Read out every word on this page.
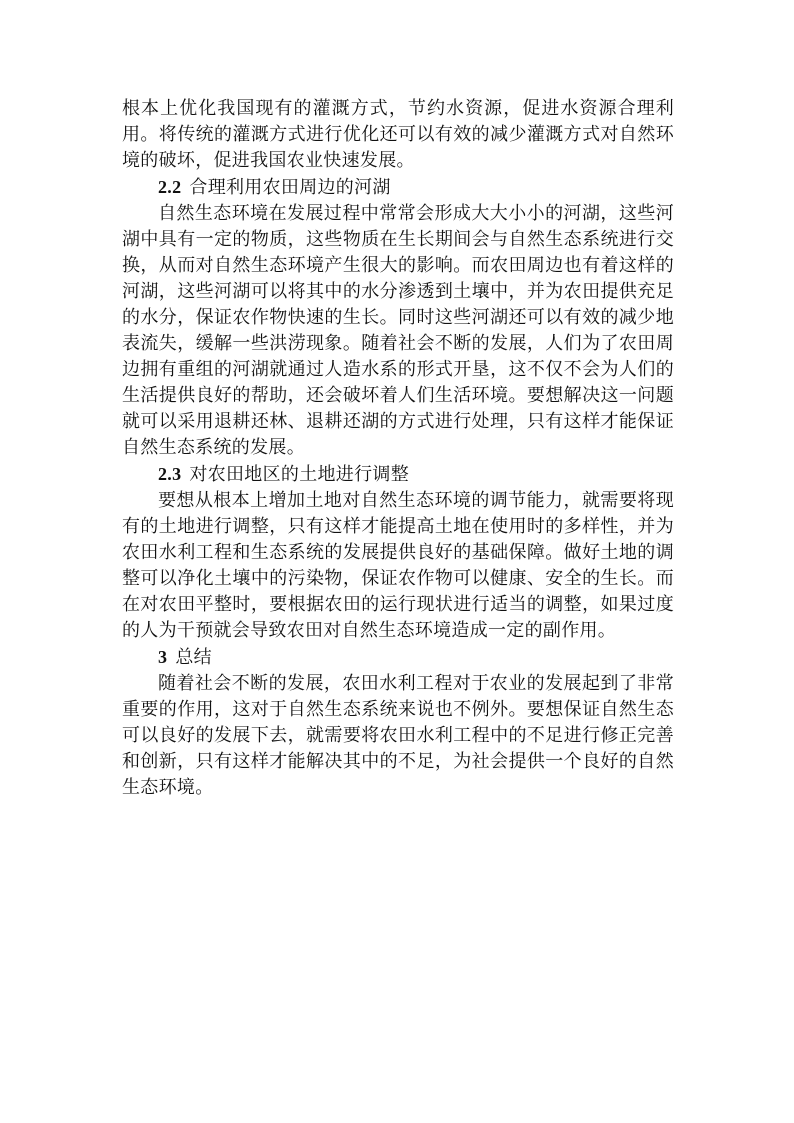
根本上优化我国现有的灌溉方式，节约水资源，促进水资源合理利用。将传统的灌溉方式进行优化还可以有效的减少灌溉方式对自然环境的破坏，促进我国农业快速发展。

2.2 合理利用农田周边的河湖

自然生态环境在发展过程中常常会形成大大小小的河湖，这些河湖中具有一定的物质，这些物质在生长期间会与自然生态系统进行交换，从而对自然生态环境产生很大的影响。而农田周边也有着这样的河湖，这些河湖可以将其中的水分渗透到土壤中，并为农田提供充足的水分，保证农作物快速的生长。同时这些河湖还可以有效的减少地表流失，缓解一些洪涝现象。随着社会不断的发展，人们为了农田周边拥有重组的河湖就通过人造水系的形式开垦，这不仅不会为人们的生活提供良好的帮助，还会破坏着人们生活环境。要想解决这一问题就可以采用退耕还林、退耕还湖的方式进行处理，只有这样才能保证自然生态系统的发展。

2.3 对农田地区的土地进行调整

要想从根本上增加土地对自然生态环境的调节能力，就需要将现有的土地进行调整，只有这样才能提高土地在使用时的多样性，并为农田水利工程和生态系统的发展提供良好的基础保障。做好土地的调整可以净化土壤中的污染物，保证农作物可以健康、安全的生长。而在对农田平整时，要根据农田的运行现状进行适当的调整，如果过度的人为干预就会导致农田对自然生态环境造成一定的副作用。

3 总结

随着社会不断的发展，农田水利工程对于农业的发展起到了非常重要的作用，这对于自然生态系统来说也不例外。要想保证自然生态可以良好的发展下去，就需要将农田水利工程中的不足进行修正完善和创新，只有这样才能解决其中的不足，为社会提供一个良好的自然生态环境。
